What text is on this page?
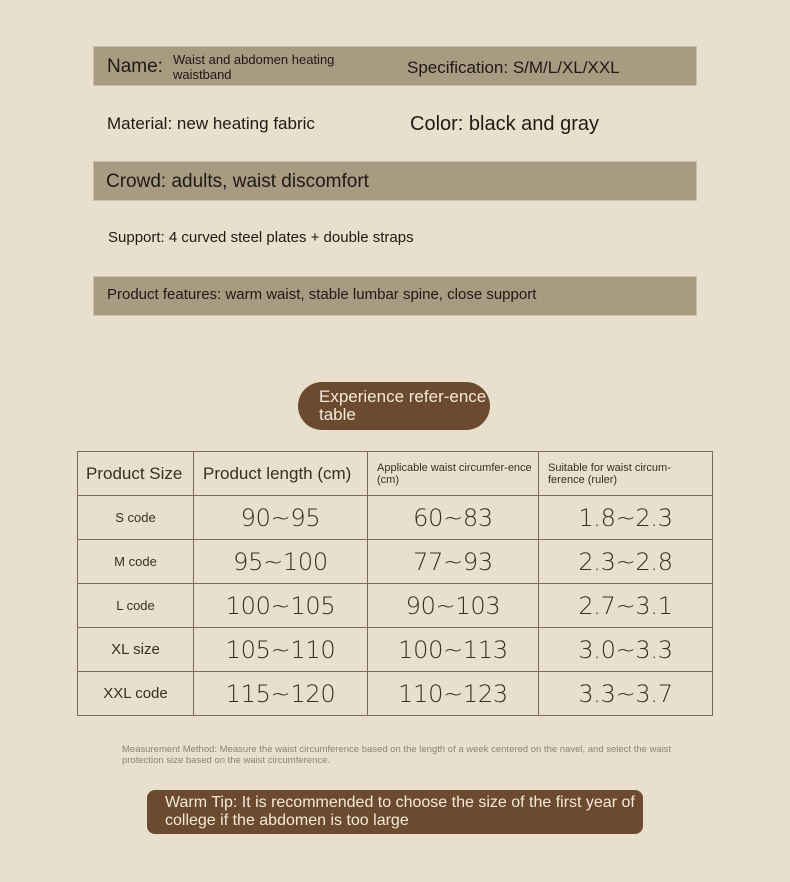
Name: Waist and abdomen heating waistband	Specification: S/M/L/XL/XXL
Material: new heating fabric	Color: black and gray
Crowd: adults, waist discomfort
Support: 4 curved steel plates + double straps
Product features: warm waist, stable lumbar spine, close support
Experience refer-ence table
Product Size	Product length (cm)	Applicable waist circumfer-ence (cm)	Suitable for waist circum-ference (ruler)
S code	90~95	60~83	1.8~2.3
M code	95~100	77~93	2.3~2.8
L code	100~105	90~103	2.7~3.1
XL size	105~110	100~113	3.0~3.3
XXL code	115~120	110~123	3.3~3.7
Measurement Method: Measure the waist circumference based on the length of a week centered on the navel, and select the waist protection size based on the waist circumference.
Warm Tip: It is recommended to choose the size of the first year of college if the abdomen is too large
